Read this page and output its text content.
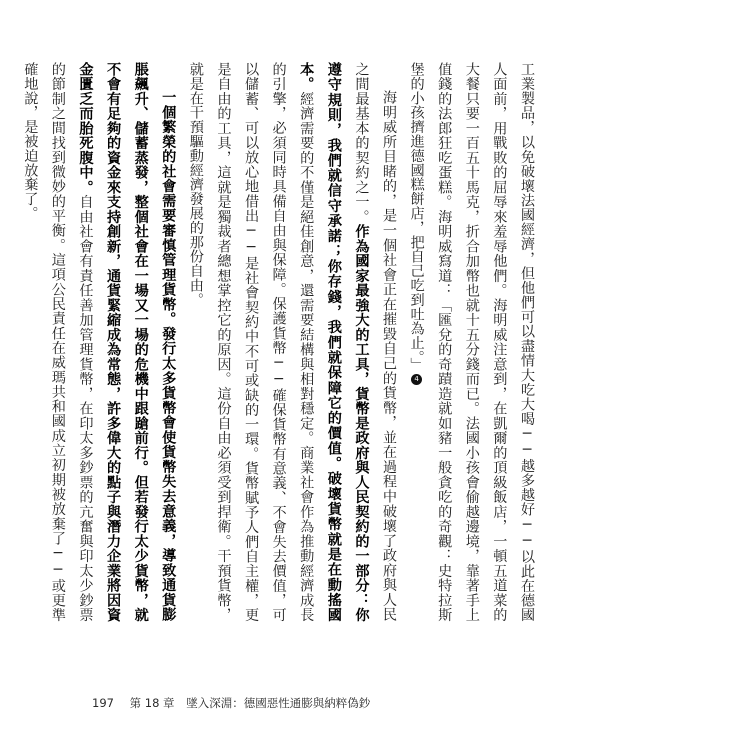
工業製品，以免破壞法國經濟，但他們可以盡情大吃大喝──越多越好──以此在德國人面前，用戰敗的屈辱來羞辱他們。海明威注意到，在凱爾的頂級飯店，一頓五道菜的大餐只要一百五十馬克，折合加幣也就十五分錢而已。法國小孩會偷越邊境，靠著手上值錢的法郎狂吃蛋糕。海明威寫道：「匯兌的奇蹟造就如豬一般貪吃的奇觀：史特拉斯堡的小孩擠進德國糕餅店，把自己吃到吐為止。」4

海明威所目睹的，是一個社會正在摧毀自己的貨幣，並在過程中破壞了政府與人民之間最基本的契約之一。作為國家最強大的工具，貨幣是政府與人民契約的一部分：你遵守規則，我們就信守承諾；你存錢，我們就保障它的價值。破壞貨幣就是在動搖國本。經濟需要的不僅是絕佳創意，還需要結構與相對穩定。商業社會作為推動經濟成長的引擎，必須同時具備自由與保障。保護貨幣──確保貨幣有意義、不會失去價值，可以儲蓄、可以放心地借出──是社會契約中不可或缺的一環。貨幣賦予人們自主權，更是自由的工具，這就是獨裁者總想掌控它的原因。這份自由必須受到捍衛。干預貨幣，就是在干預驅動經濟發展的那份自由。

一個繁榮的社會需要審慎管理貨幣。發行太多貨幣會使貨幣失去意義，導致通貨膨脹飆升、儲蓄蒸發，整個社會在一場又一場的危機中跟蹌前行。但若發行太少貨幣，就不會有足夠的資金來支持創新，通貨緊縮成為常態，許多偉大的點子與潛力企業將因資金匱乏而胎死腹中。自由社會有責任善加管理貨幣，在印太多鈔票的亢奮與印太少鈔票的節制之間找到微妙的平衡。這項公民責任在威瑪共和國成立初期被放棄了──或更準確地說，是被迫放棄了。

197 第 18 章 墜入深淵：德國惡性通膨與納粹偽鈔
